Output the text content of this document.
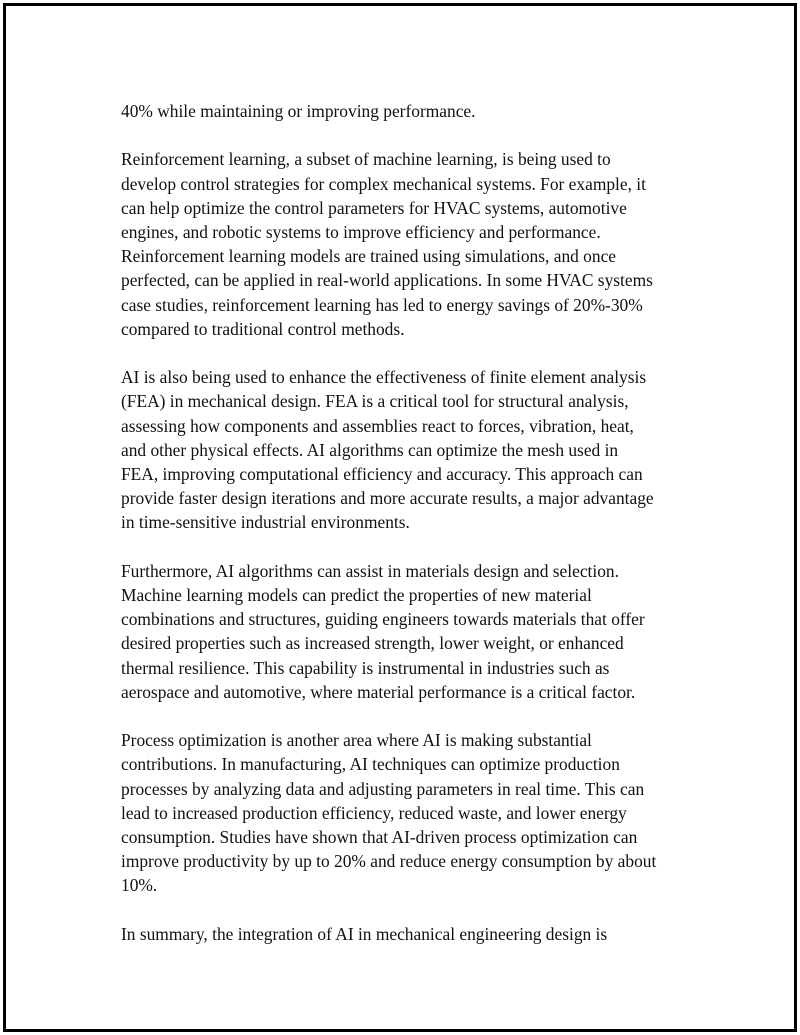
40% while maintaining or improving performance.

Reinforcement learning, a subset of machine learning, is being used to
develop control strategies for complex mechanical systems. For example, it
can help optimize the control parameters for HVAC systems, automotive
engines, and robotic systems to improve efficiency and performance.
Reinforcement learning models are trained using simulations, and once
perfected, can be applied in real-world applications. In some HVAC systems
case studies, reinforcement learning has led to energy savings of 20%-30%
compared to traditional control methods.

AI is also being used to enhance the effectiveness of finite element analysis
(FEA) in mechanical design. FEA is a critical tool for structural analysis,
assessing how components and assemblies react to forces, vibration, heat,
and other physical effects. AI algorithms can optimize the mesh used in
FEA, improving computational efficiency and accuracy. This approach can
provide faster design iterations and more accurate results, a major advantage
in time-sensitive industrial environments.

Furthermore, AI algorithms can assist in materials design and selection.
Machine learning models can predict the properties of new material
combinations and structures, guiding engineers towards materials that offer
desired properties such as increased strength, lower weight, or enhanced
thermal resilience. This capability is instrumental in industries such as
aerospace and automotive, where material performance is a critical factor.

Process optimization is another area where AI is making substantial
contributions. In manufacturing, AI techniques can optimize production
processes by analyzing data and adjusting parameters in real time. This can
lead to increased production efficiency, reduced waste, and lower energy
consumption. Studies have shown that AI-driven process optimization can
improve productivity by up to 20% and reduce energy consumption by about
10%.

In summary, the integration of AI in mechanical engineering design is
